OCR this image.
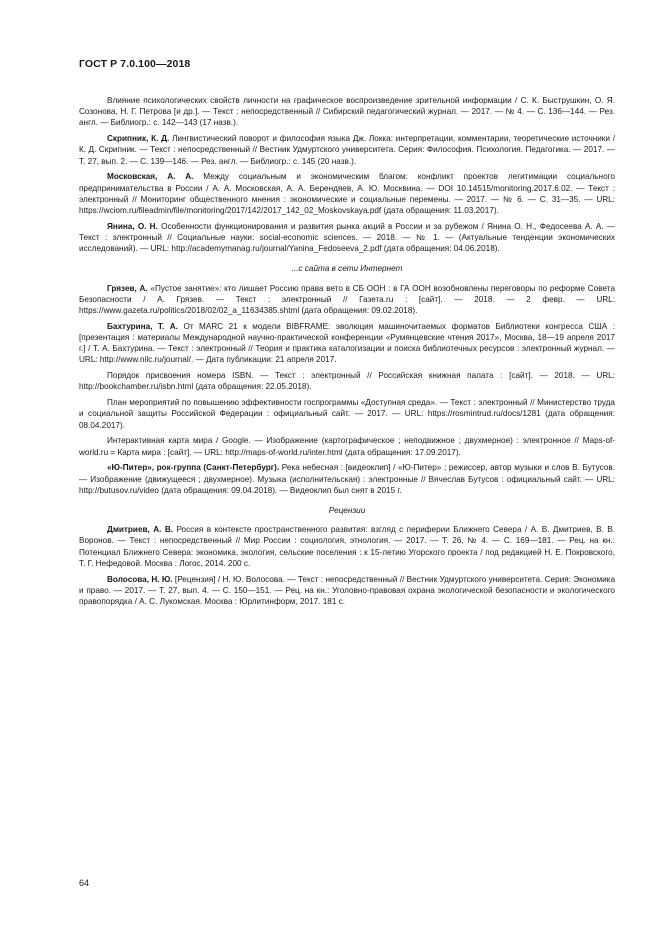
ГОСТ Р 7.0.100—2018

Влияние психологических свойств личности на графическое воспроизведение зрительной информации / С. К. Быструшкин, О. Я. Созонова, Н. Г. Петрова [и др.]. — Текст : непосредственный // Сибирский педагогический журнал. — 2017. — № 4. — С. 136—144. — Рез. англ. — Библиогр.: с. 142—143 (17 назв.).

Скрипник, К. Д. Лингвистический поворот и философия языка Дж. Локка: интерпретации, комментарии, теоретические источники / К. Д. Скрипник. — Текст : непосредственный // Вестник Удмуртского университета. Серия: Философия. Психология. Педагогика. — 2017. — Т. 27, вып. 2. — С. 139—146. — Рез. англ. — Библиогр.: с. 145 (20 назв.).

Московская, А. А. Между социальным и экономическим благом: конфликт проектов легитимации социального предпринимательства в России / А. А. Московская, А. А. Берендяев, А. Ю. Москвина. — DOI 10.14515/monitoring.2017.6.02. — Текст : электронный // Мониторинг общественного мнения : экономические и социальные перемены. — 2017. — № 6. — С. 31—35. — URL: https://wciom.ru/fileadmin/file/monitoring/2017/142/2017_142_02_Moskovskaya.pdf (дата обращения: 11.03.2017).

Янина, О. Н. Особенности функционирования и развития рынка акций в России и за рубежом / Янина О. Н., Федосеева А. А. — Текст : электронный // Социальные науки: social-economic sciences. — 2018. — № 1. — (Актуальные тенденции экономических исследований). — URL: http://academymanag.ru/journal/Yanina_Fedoseeva_2.pdf (дата обращения: 04.06.2018).

...с сайта в сети Интернет

Грязев, А. «Пустое занятие»: кто лишает Россию права вето в СБ ООН : в ГА ООН возобновлены переговоры по реформе Совета Безопасности / А. Грязев. — Текст : электронный // Газета.ru : [сайт]. — 2018. — 2 февр. — URL: https://www.gazeta.ru/politics/2018/02/02_a_11634385.shtml (дата обращения: 09.02.2018).

Бахтурина, Т. А. От MARC 21 к модели BIBFRAME: эволюция машиночитаемых форматов Библиотеки конгресса США : [презентация : материалы Международной научно-практической конференции «Румянцевские чтения 2017», Москва, 18—19 апреля 2017 г.] / Т. А. Бахтурина. — Текст : электронный // Теория и практика каталогизации и поиска библиотечных ресурсов : электронный журнал. — URL: http://www.nilc.ru/journal/. — Дата публикации: 21 апреля 2017.

Порядок присвоения номера ISBN. — Текст : электронный // Российская книжная палата : [сайт]. — 2018. — URL: http://bookchamber.ru/isbn.html (дата обращения: 22.05.2018).

План мероприятий по повышению эффективности госпрограммы «Доступная среда». — Текст : электронный // Министерство труда и социальной защиты Российской Федерации : официальный сайт. — 2017. — URL: https://rosmintrud.ru/docs/1281 (дата обращения: 08.04.2017).

Интерактивная карта мира / Google. — Изображение (картографическое ; неподвижное ; двухмерное) : электронное // Maps-of-world.ru = Карта мира : [сайт]. — URL: http://maps-of-world.ru/inter.html (дата обращения: 17.09.2017).

«Ю-Питер», рок-группа (Санкт-Петербург). Река небесная : [видеоклип] / «Ю-Питер» ; режиссер, автор музыки и слов В. Бутусов. — Изображение (движущееся ; двухмерное). Музыка (исполнительская) : электронные // Вячеслав Бутусов : официальный сайт. — URL: http://butusov.ru/video (дата обращения: 09.04.2018). — Видеоклип был снят в 2015 г.

Рецензии

Дмитриев, А. В. Россия в контексте пространственного развития: взгляд с периферии Ближнего Севера / А. В. Дмитриев, В. В. Воронов. — Текст : непосредственный // Мир России : социология, этнология. — 2017. — Т. 26, № 4. — С. 169—181. — Рец. на кн.: Потенциал Ближнего Севера: экономика, экология, сельские поселения : к 15-летию Угорского проекта / под редакцией Н. Е. Покровского, Т. Г. Нефедовой. Москва : Логос, 2014. 200 с.

Волосова, Н. Ю. [Рецензия] / Н. Ю. Волосова. — Текст : непосредственный // Вестник Удмуртского университета. Серия: Экономика и право. — 2017. — Т. 27, вып. 4. — С. 150—151. — Рец. на кн.: Уголовно-правовая охрана экологической безопасности и экологического правопорядка / А. С. Лукомская. Москва : Юрлитинформ, 2017. 181 с.

64
